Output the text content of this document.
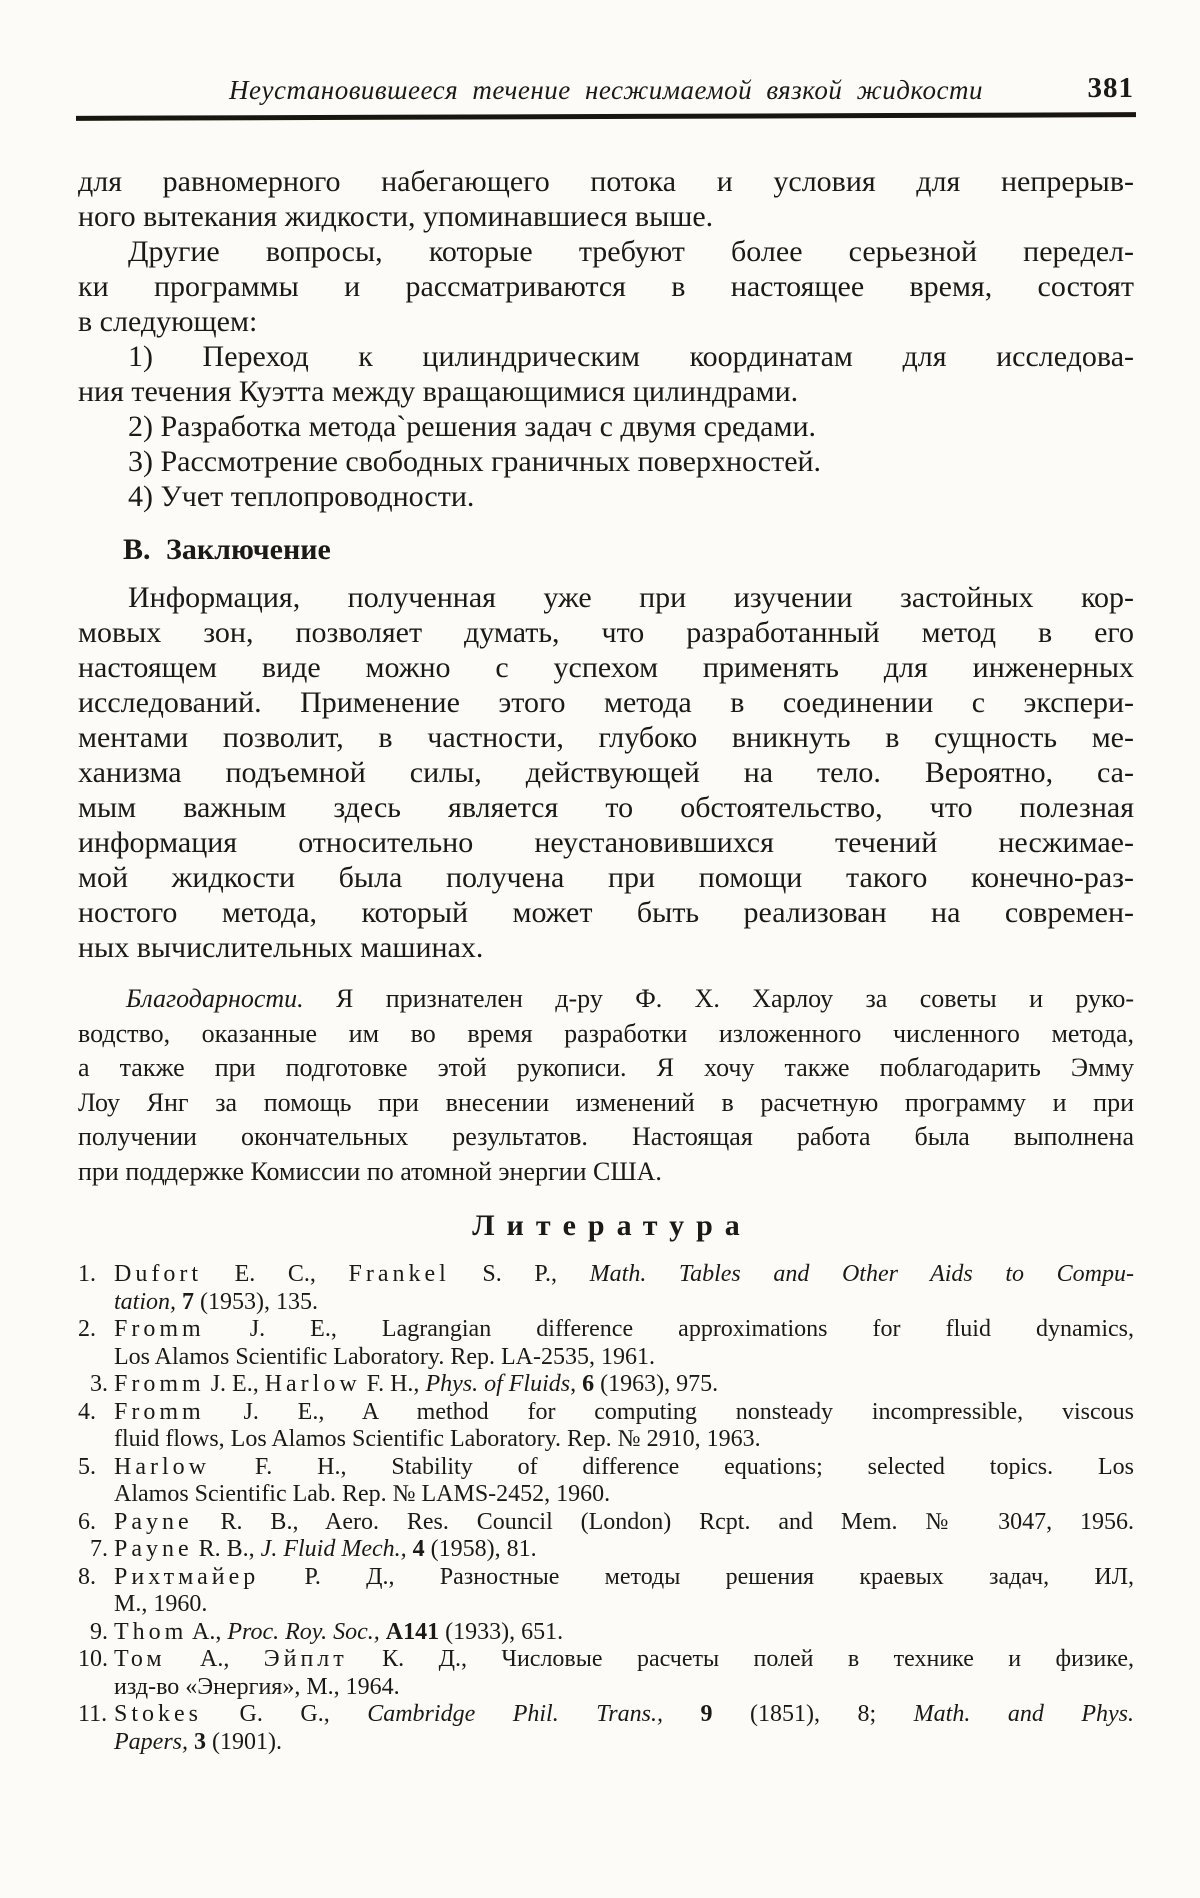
Неустановившееся течение несжимаемой вязкой жидкости	381
для равномерного набегающего потока и условия для непрерыв-
ного вытекания жидкости, упоминавшиеся выше.
Другие вопросы, которые требуют более серьезной передел-
ки программы и рассматриваются в настоящее время, состоят
в следующем:
1) Переход к цилиндрическим координатам для исследова-
ния течения Куэтта между вращающимися цилиндрами.
2) Разработка метода`решения задач с двумя средами.
3) Рассмотрение свободных граничных поверхностей.
4) Учет теплопроводности.
В. Заключение
Информация, полученная уже при изучении застойных кор-
мовых зон, позволяет думать, что разработанный метод в его
настоящем виде можно с успехом применять для инженерных
исследований. Применение этого метода в соединении с экспери-
ментами позволит, в частности, глубоко вникнуть в сущность ме-
ханизма подъемной силы, действующей на тело. Вероятно, са-
мым важным здесь является то обстоятельство, что полезная
информация относительно неустановившихся течений несжимае-
мой жидкости была получена при помощи такого конечно-раз-
ностого метода, который может быть реализован на современ-
ных вычислительных машинах.
Благодарности. Я признателен д-ру Ф. Х. Харлоу за советы и руко-
водство, оказанные им во время разработки изложенного численного метода,
а также при подготовке этой рукописи. Я хочу также поблагодарить Эмму
Лоу Янг за помощь при внесении изменений в расчетную программу и при
получении окончательных результатов. Настоящая работа была выполнена
при поддержке Комиссии по атомной энергии США.
Литература
1. Dufort E. C., Frankel S. P., Math. Tables and Other Aids to Compu-
tation, 7 (1953), 135.
2. Fromm J. E., Lagrangian difference approximations for fluid dynamics,
Los Alamos Scientific Laboratory. Rep. LA-2535, 1961.
3. Fromm J. E., Harlow F. H., Phys. of Fluids, 6 (1963), 975.
4. Fromm J. E., A method for computing nonsteady incompressible, viscous
fluid flows, Los Alamos Scientific Laboratory. Rep. № 2910, 1963.
5. Harlow F. H., Stability of difference equations; selected topics. Los
Alamos Scientific Lab. Rep. № LAMS-2452, 1960.
6. Payne R. B., Aero. Res. Council (London) Rcpt. and Mem. № 3047, 1956.
7. Payne R. B., J. Fluid Mech., 4 (1958), 81.
8. Рихтмайер Р. Д., Разностные методы решения краевых задач, ИЛ,
М., 1960.
9. Thom A., Proc. Roy. Soc., A141 (1933), 651.
10. Том А., Эйплт К. Д., Числовые расчеты полей в технике и физике,
изд-во «Энергия», М., 1964.
11. Stokes G. G., Cambridge Phil. Trans., 9 (1851), 8; Math. and Phys.
Papers, 3 (1901).
